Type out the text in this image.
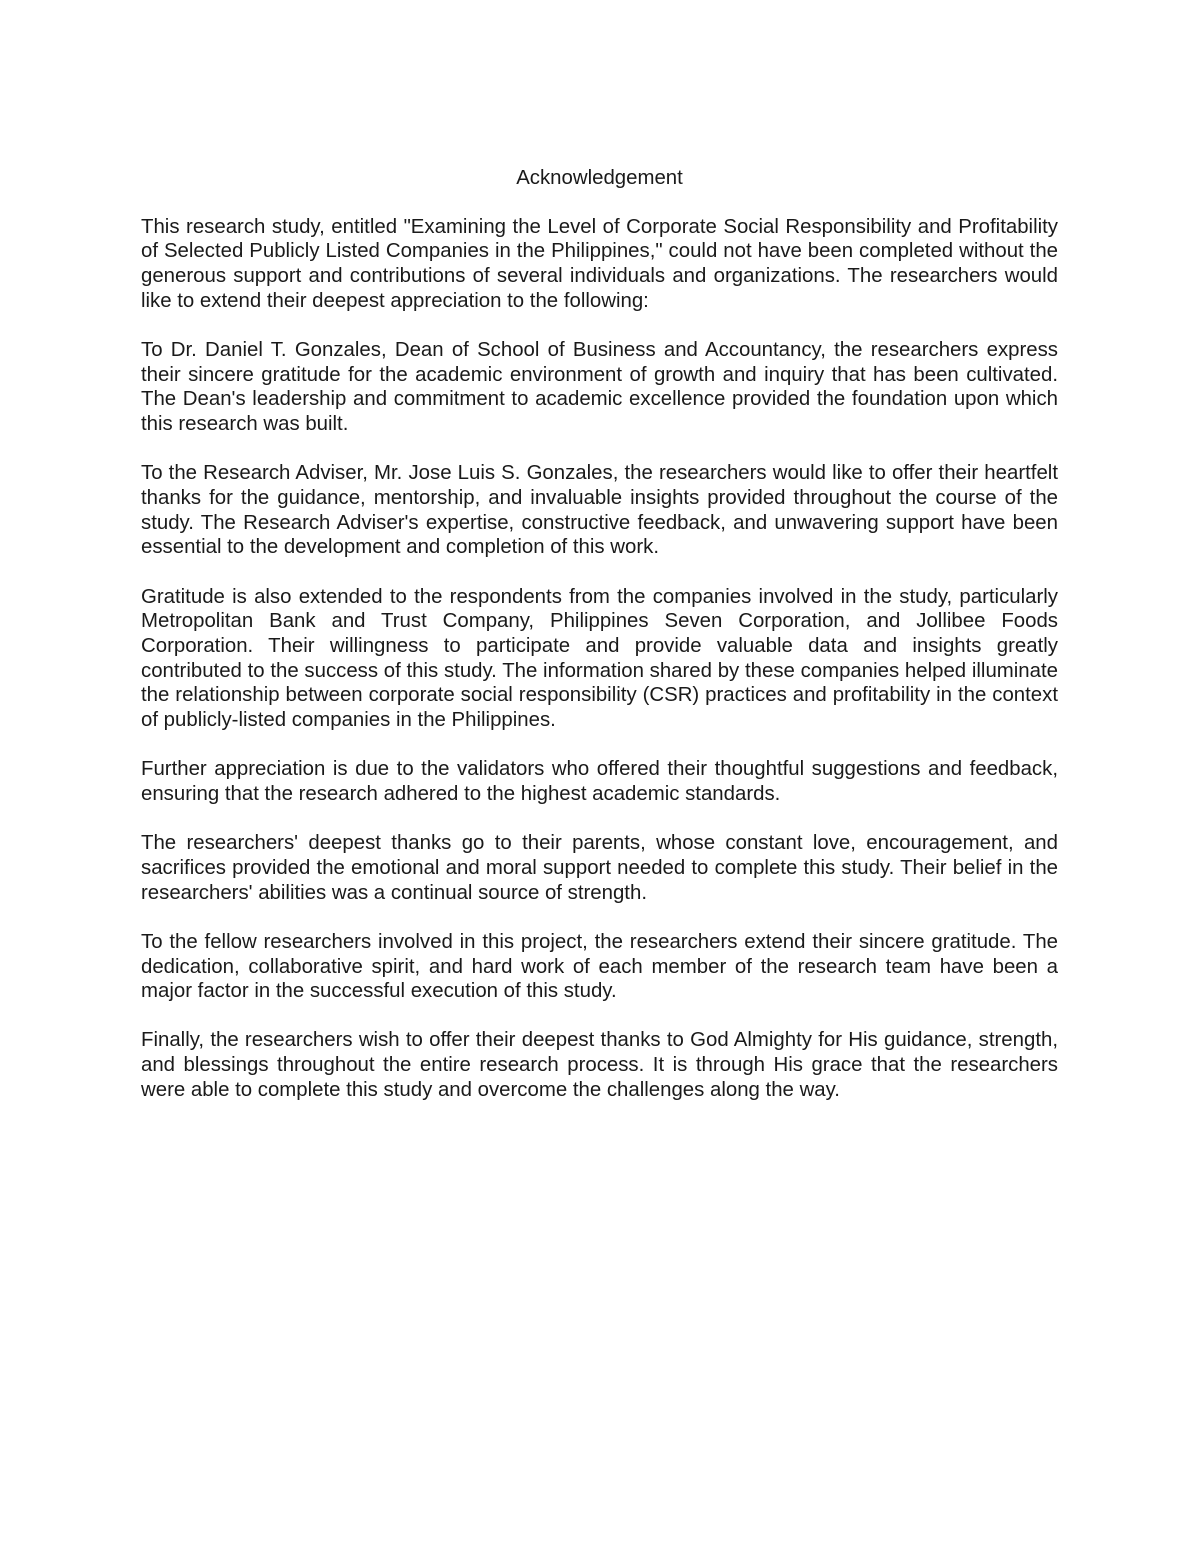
Acknowledgement

This research study, entitled "Examining the Level of Corporate Social Responsibility and Profitability of Selected Publicly Listed Companies in the Philippines," could not have been completed without the generous support and contributions of several individuals and organizations. The researchers would like to extend their deepest appreciation to the following:

To Dr. Daniel T. Gonzales, Dean of School of Business and Accountancy, the researchers express their sincere gratitude for the academic environment of growth and inquiry that has been cultivated. The Dean's leadership and commitment to academic excellence provided the foundation upon which this research was built.

To the Research Adviser, Mr. Jose Luis S. Gonzales, the researchers would like to offer their heartfelt thanks for the guidance, mentorship, and invaluable insights provided throughout the course of the study. The Research Adviser's expertise, constructive feedback, and unwavering support have been essential to the development and completion of this work.

Gratitude is also extended to the respondents from the companies involved in the study, particularly Metropolitan Bank and Trust Company, Philippines Seven Corporation, and Jollibee Foods Corporation. Their willingness to participate and provide valuable data and insights greatly contributed to the success of this study. The information shared by these companies helped illuminate the relationship between corporate social responsibility (CSR) practices and profitability in the context of publicly-listed companies in the Philippines.

Further appreciation is due to the validators who offered their thoughtful suggestions and feedback, ensuring that the research adhered to the highest academic standards.

The researchers' deepest thanks go to their parents, whose constant love, encouragement, and sacrifices provided the emotional and moral support needed to complete this study. Their belief in the researchers' abilities was a continual source of strength.

To the fellow researchers involved in this project, the researchers extend their sincere gratitude. The dedication, collaborative spirit, and hard work of each member of the research team have been a major factor in the successful execution of this study.

Finally, the researchers wish to offer their deepest thanks to God Almighty for His guidance, strength, and blessings throughout the entire research process. It is through His grace that the researchers were able to complete this study and overcome the challenges along the way.
